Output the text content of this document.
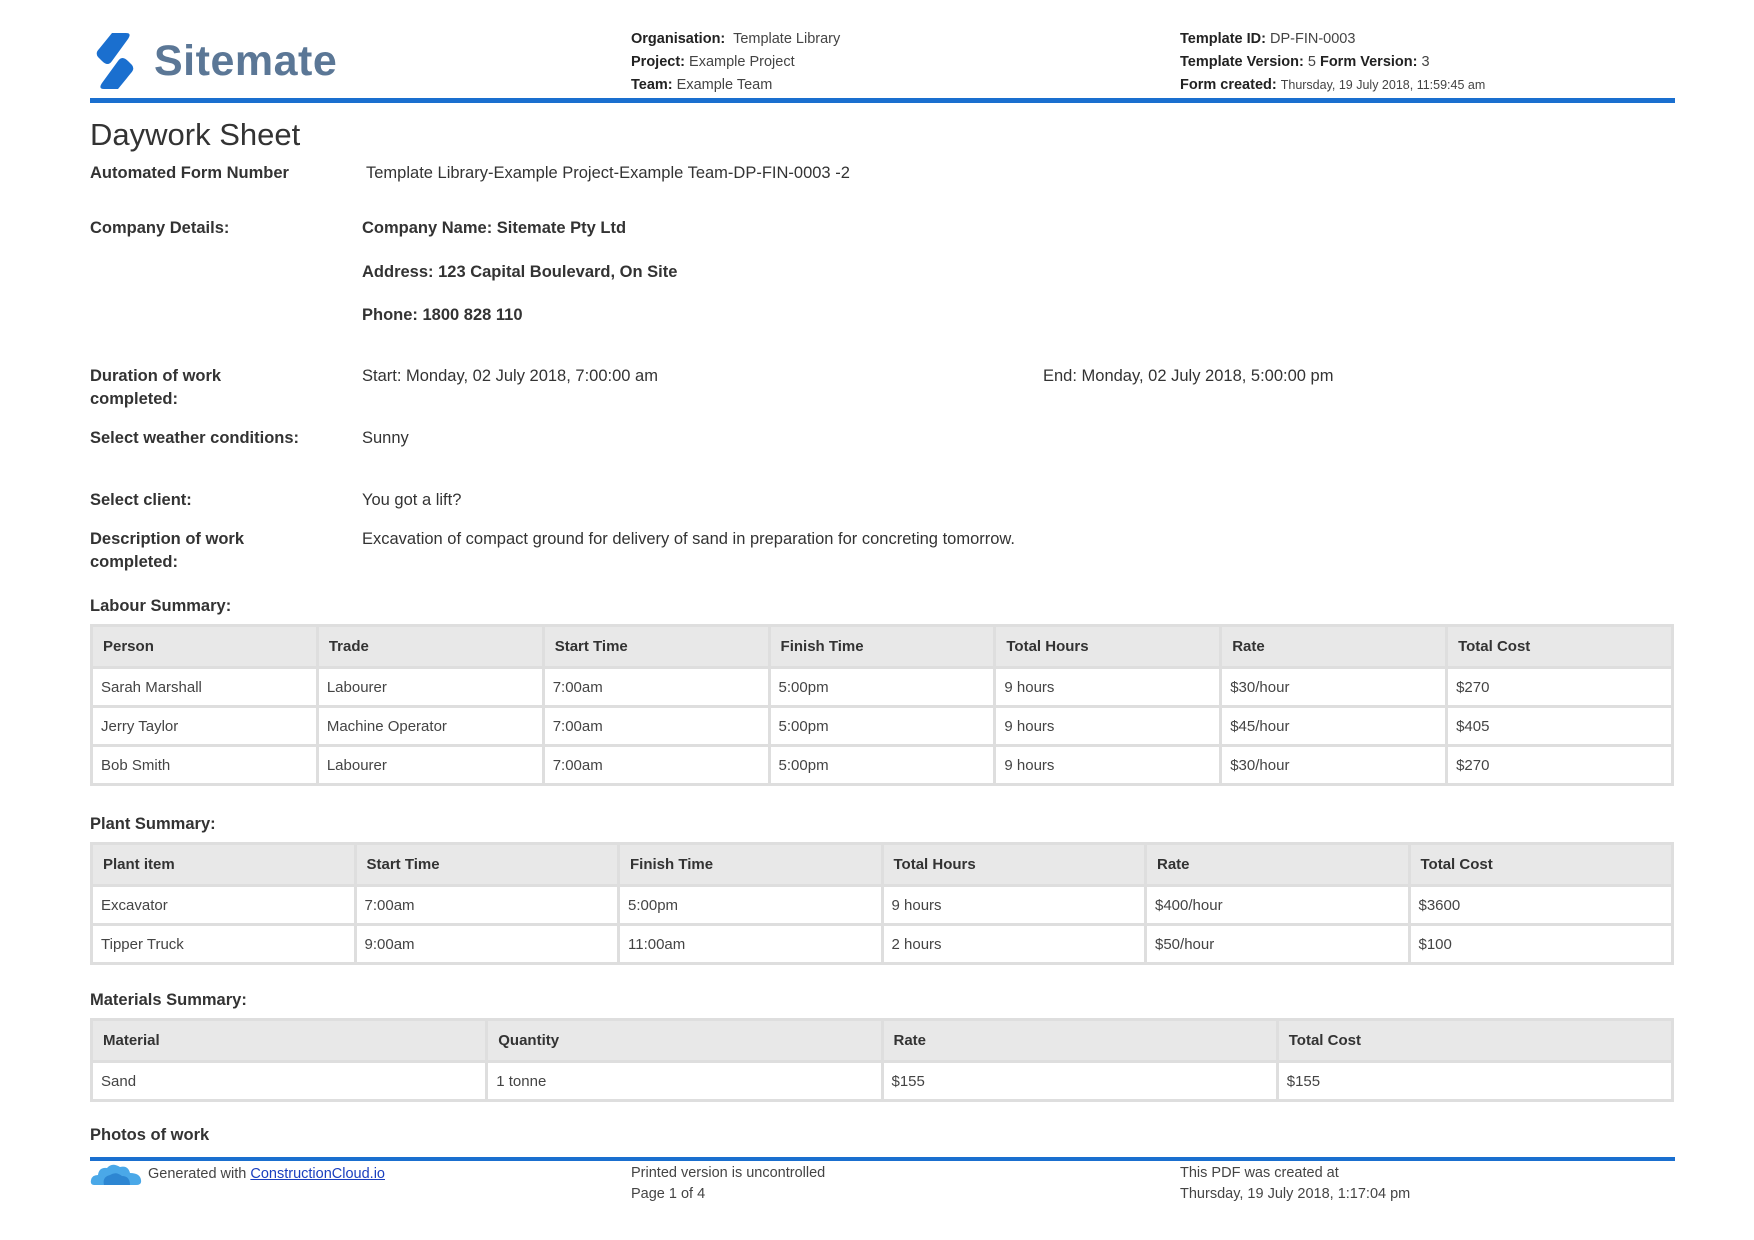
Sitemate	Organisation: Template Library
Project: Example Project
Team: Example Team
Template ID: DP-FIN-0003
Template Version: 5 Form Version: 3
Form created: Thursday, 19 July 2018, 11:59:45 am
Daywork Sheet
Automated Form Number	Template Library-Example Project-Example Team-DP-FIN-0003 -2
Company Details:	Company Name: Sitemate Pty Ltd
Address: 123 Capital Boulevard, On Site
Phone: 1800 828 110
Duration of work completed:
Start: Monday, 02 July 2018, 7:00:00 am	End: Monday, 02 July 2018, 5:00:00 pm
Select weather conditions:	Sunny
Select client:	You got a lift?
Description of work completed:
Excavation of compact ground for delivery of sand in preparation for concreting tomorrow.
Labour Summary:
Person	Trade	Start Time	Finish Time	Total Hours	Rate	Total Cost
Sarah Marshall	Labourer	7:00am	5:00pm	9 hours	$30/hour	$270
Jerry Taylor	Machine Operator	7:00am	5:00pm	9 hours	$45/hour	$405
Bob Smith	Labourer	7:00am	5:00pm	9 hours	$30/hour	$270
Plant Summary:
Plant item	Start Time	Finish Time	Total Hours	Rate	Total Cost
Excavator	7:00am	5:00pm	9 hours	$400/hour	$3600
Tipper Truck	9:00am	11:00am	2 hours	$50/hour	$100
Materials Summary:
Material	Quantity	Rate	Total Cost
Sand	1 tonne	$155	$155
Photos of work
Generated with
ConstructionCloud.io	Printed version is uncontrolled
Page 1 of 4
This PDF was created at
Thursday, 19 July 2018, 1:17:04 pm
